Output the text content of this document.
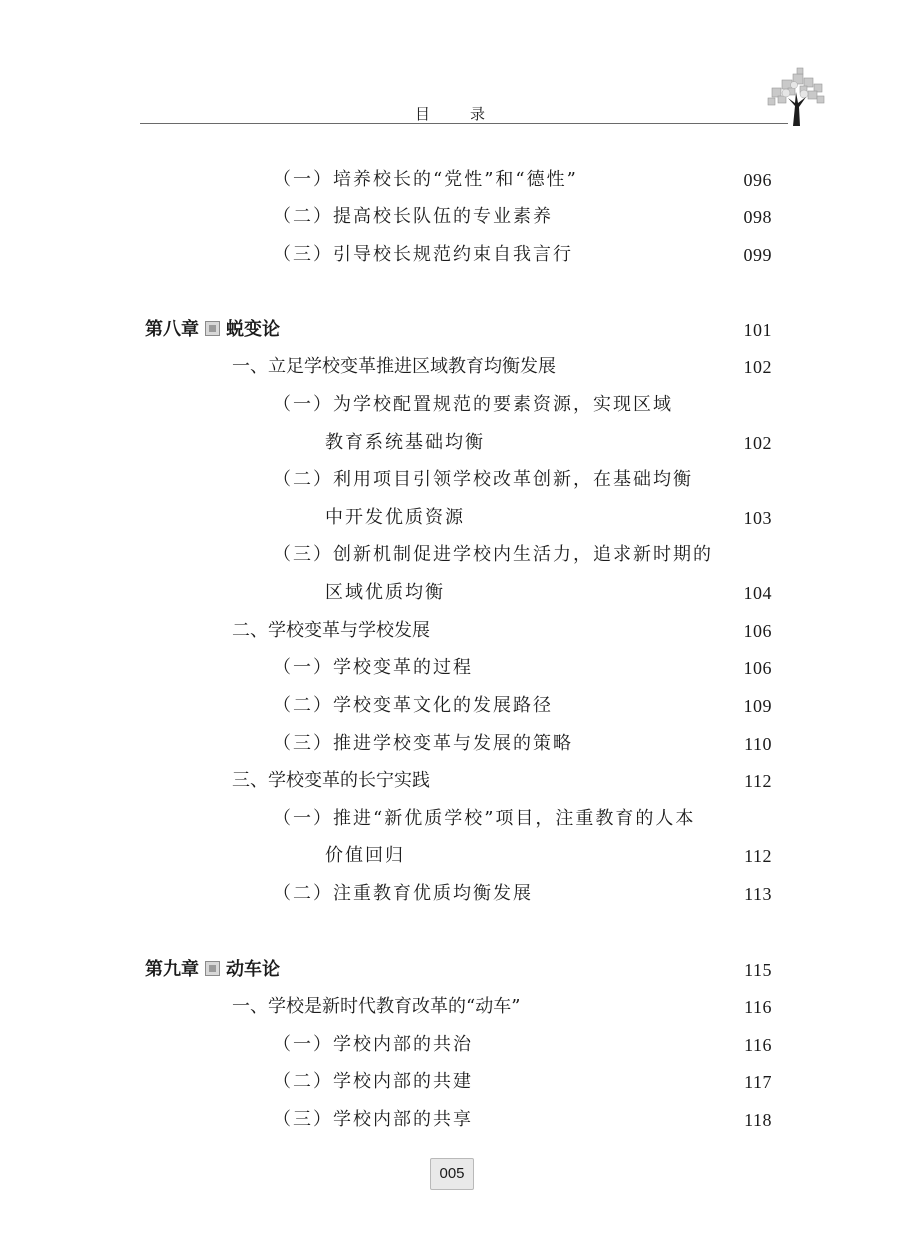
目	录
（一）培养校长的“党性”和“德性”	096
（二）提高校长队伍的专业素养	098
（三）引导校长规范约束自我言行	099
第八章 蜕变论	101
一、立足学校变革推进区域教育均衡发展	102
（一）为学校配置规范的要素资源，实现区域
教育系统基础均衡	102
（二）利用项目引领学校改革创新，在基础均衡
中开发优质资源	103
（三）创新机制促进学校内生活力，追求新时期的
区域优质均衡	104
二、学校变革与学校发展	106
（一）学校变革的过程	106
（二）学校变革文化的发展路径	109
（三）推进学校变革与发展的策略	110
三、学校变革的长宁实践	112
（一）推进“新优质学校”项目，注重教育的人本
价值回归	112
（二）注重教育优质均衡发展	113
第九章 动车论	115
一、学校是新时代教育改革的“动车”	116
（一）学校内部的共治	116
（二）学校内部的共建	117
（三）学校内部的共享	118
005
